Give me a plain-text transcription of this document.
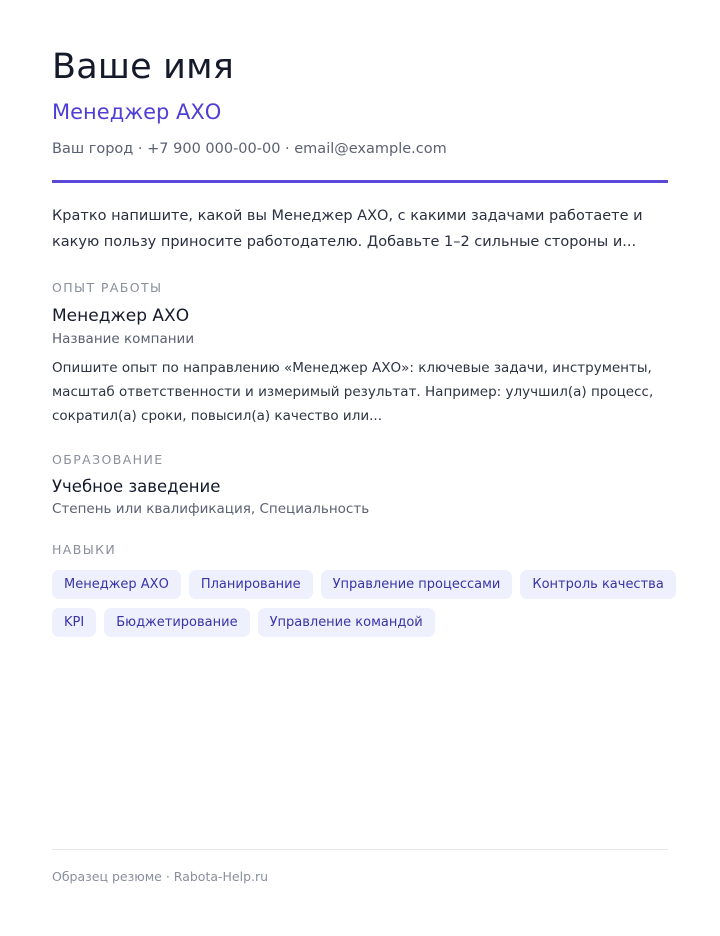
Ваше имя
Менеджер АХО
Ваш город · +7 900 000-00-00 · email@example.com

Кратко напишите, какой вы Менеджер АХО, с какими задачами работаете и какую пользу приносите работодателю. Добавьте 1–2 сильные стороны и...

ОПЫТ РАБОТЫ
Менеджер АХО
Название компании

Опишите опыт по направлению «Менеджер АХО»: ключевые задачи, инструменты, масштаб ответственности и измеримый результат. Например: улучшил(а) процесс, сократил(а) сроки, повысил(а) качество или...

ОБРАЗОВАНИЕ
Учебное заведение
Степень или квалификация, Специальность
НАВЫКИ
Менеджер АХО	Планирование	Управление процессами	Контроль качества
KPI	Бюджетирование	Управление командой
Образец резюме · Rabota-Help.ru
